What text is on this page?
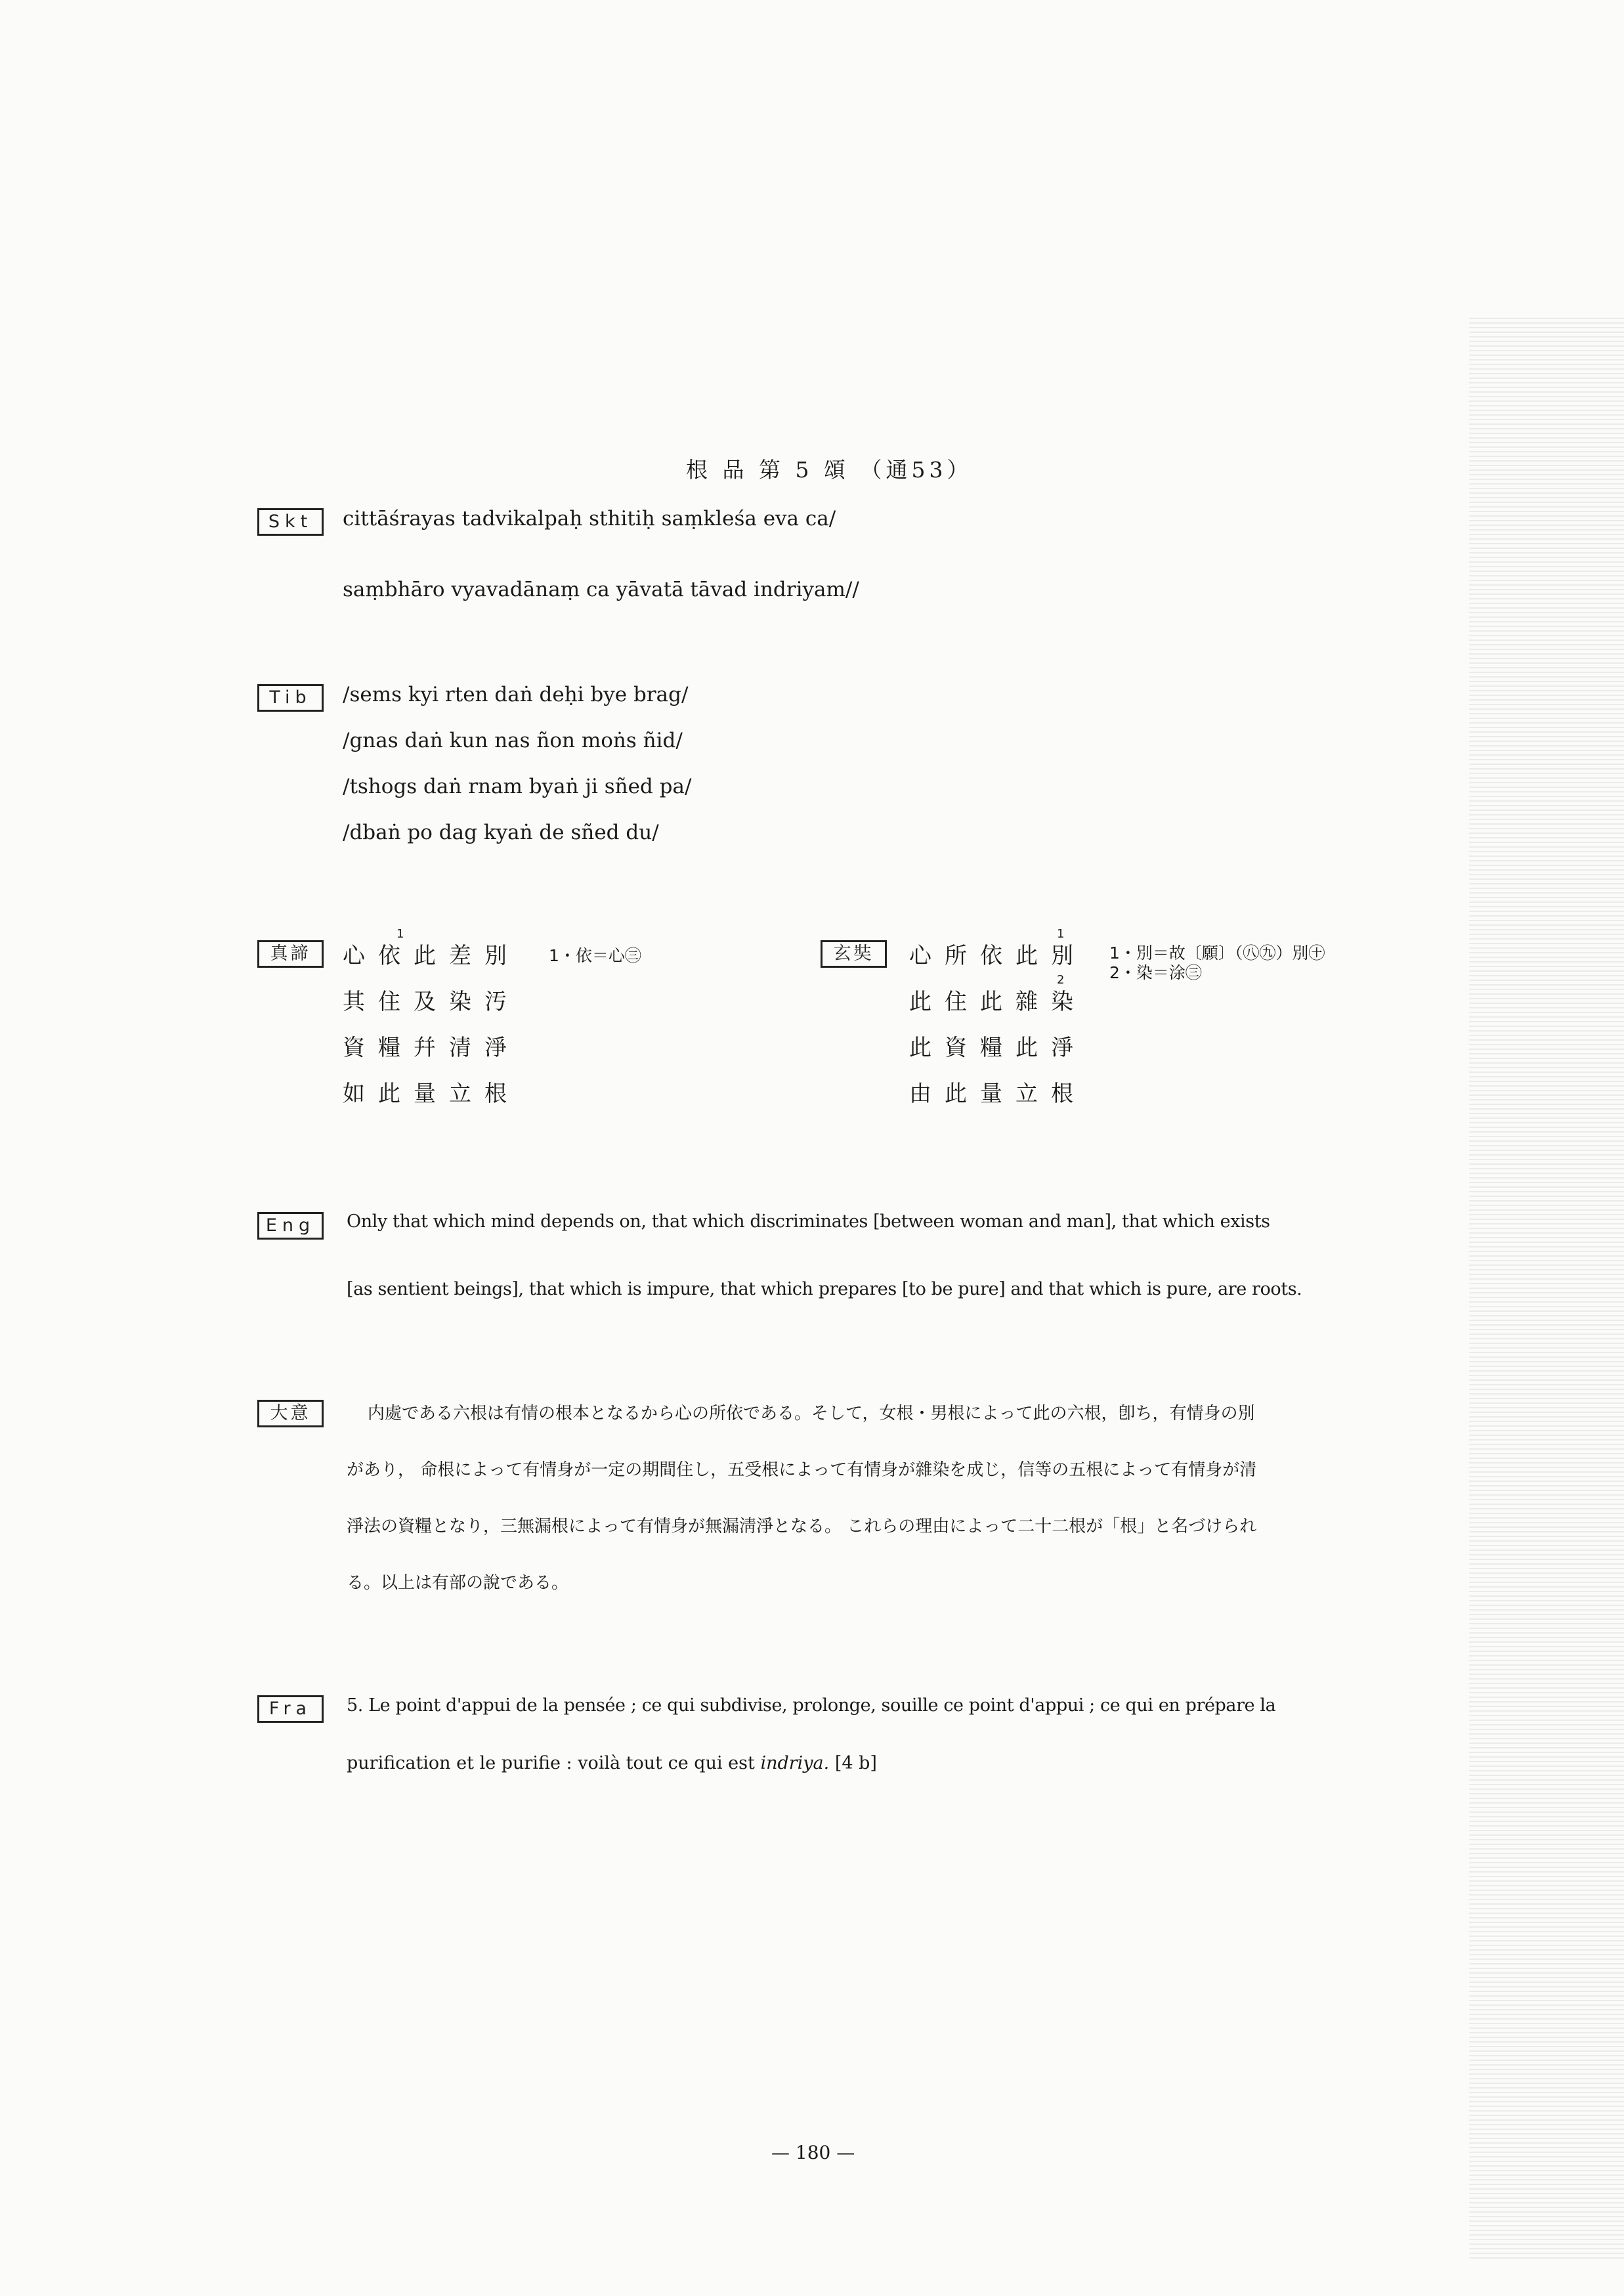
根 品 第 5 頌 （通53）
Skt	cittāśrayas tadvikalpaḥ sthitiḥ saṃkleśa eva ca/
saṃbhāro vyavadānaṃ ca yāvatā tāvad indriyam//
Tib	/sems kyi rten daṅ deḥi bye brag/
/gnas daṅ kun nas ñon moṅs ñid/
/tshogs daṅ rnam byaṅ ji sñed pa/
/dbaṅ po dag kyaṅ de sñed du/
真諦
1
心依此差別
其住及染汚
資糧幷清淨
如此量立根
1・依＝心㊂	玄奘
1
2
心所依此別
此住此雜染
此資糧此淨
由此量立根
1・別＝故〔願〕（㊇㊈）別㊉
2・染＝涂㊂
Eng	Only that which mind depends on, that which discriminates [between woman and man], that which exists
[as sentient beings], that which is impure, that which prepares [to be pure] and that which is pure, are roots.
大意	内處である六根は有情の根本となるから心の所依である。そして，女根・男根によって此の六根，卽ち，有情身の別
があり， 命根によって有情身が一定の期間住し，五受根によって有情身が雜染を成じ，信等の五根によって有情身が清
淨法の資糧となり，三無漏根によって有情身が無漏淸淨となる。 これらの理由によって二十二根が「根」と名づけられ
る。以上は有部の說である。
Fra	5. Le point d'appui de la pensée ; ce qui subdivise, prolonge, souille ce point d'appui ; ce qui en prépare la
purification et le purifie : voilà tout ce qui est indriya. [4 b]
— 180 —
